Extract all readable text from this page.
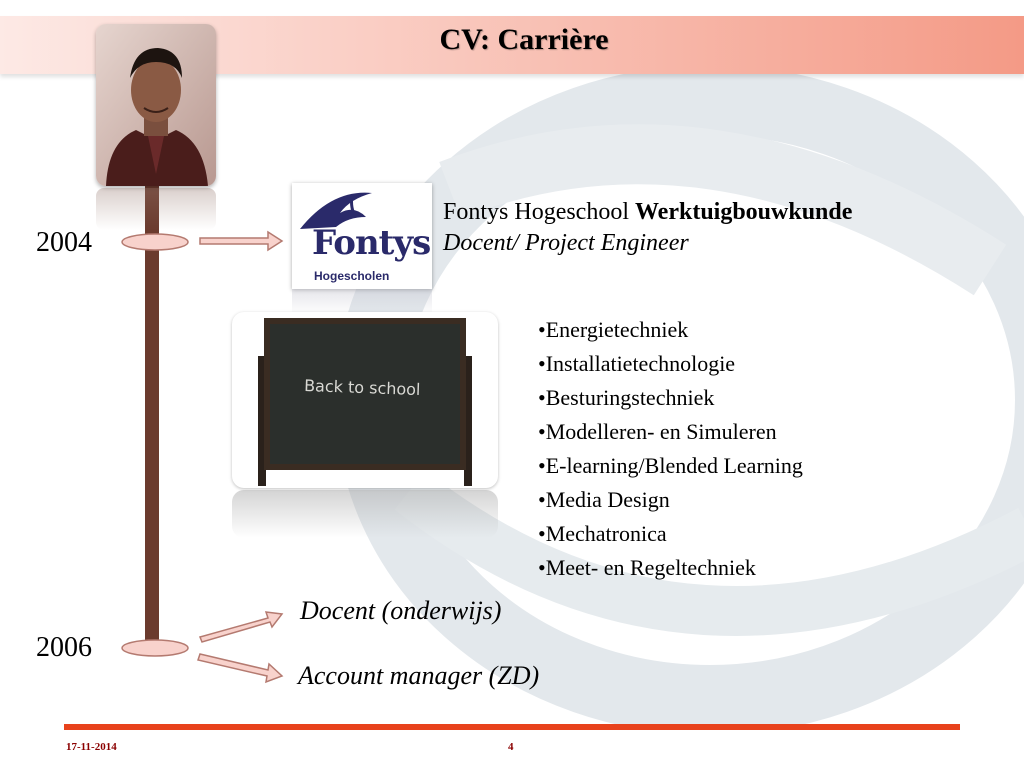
CV: Carrière
2004
2006
Fontys
Hogescholen
Fontys Hogeschool Werktuigbouwkunde
Docent/ Project Engineer
Back to school
•Energietechniek
•Installatietechnologie
•Besturingstechniek
•Modelleren- en Simuleren
•E-learning/Blended Learning
•Media Design
•Mechatronica
•Meet- en Regeltechniek
Docent (onderwijs)
Account manager (ZD)
17-11-2014	4
